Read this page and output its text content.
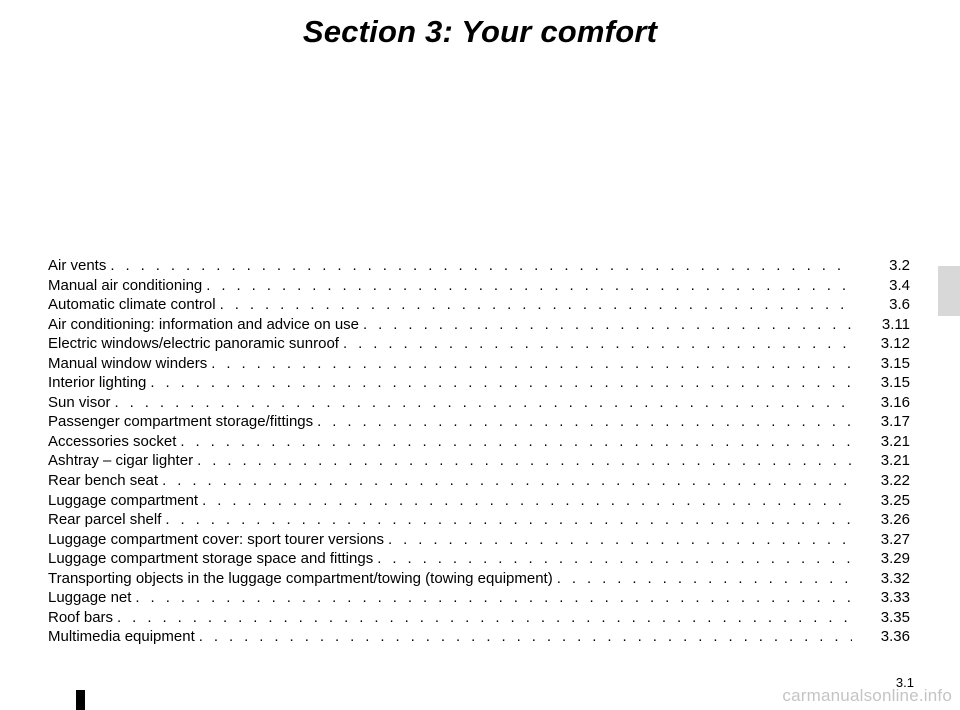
Section 3: Your comfort
Air vents . . .	3.2
Manual air conditioning . . .	3.4
Automatic climate control . . .	3.6
Air conditioning: information and advice on use . . .	3.11
Electric windows/electric panoramic sunroof . . .	3.12
Manual window winders . . .	3.15
Interior lighting . . .	3.15
Sun visor . . .	3.16
Passenger compartment storage/fittings . . .	3.17
Accessories socket . . .	3.21
Ashtray – cigar lighter . . .	3.21
Rear bench seat . . .	3.22
Luggage compartment . . .	3.25
Rear parcel shelf . . .	3.26
Luggage compartment cover: sport tourer versions . . .	3.27
Luggage compartment storage space and fittings . . .	3.29
Transporting objects in the luggage compartment/towing (towing equipment) . . .	3.32
Luggage net . . .	3.33
Roof bars . . .	3.35
Multimedia equipment . . .	3.36
3.1
carmanualsonline.info
